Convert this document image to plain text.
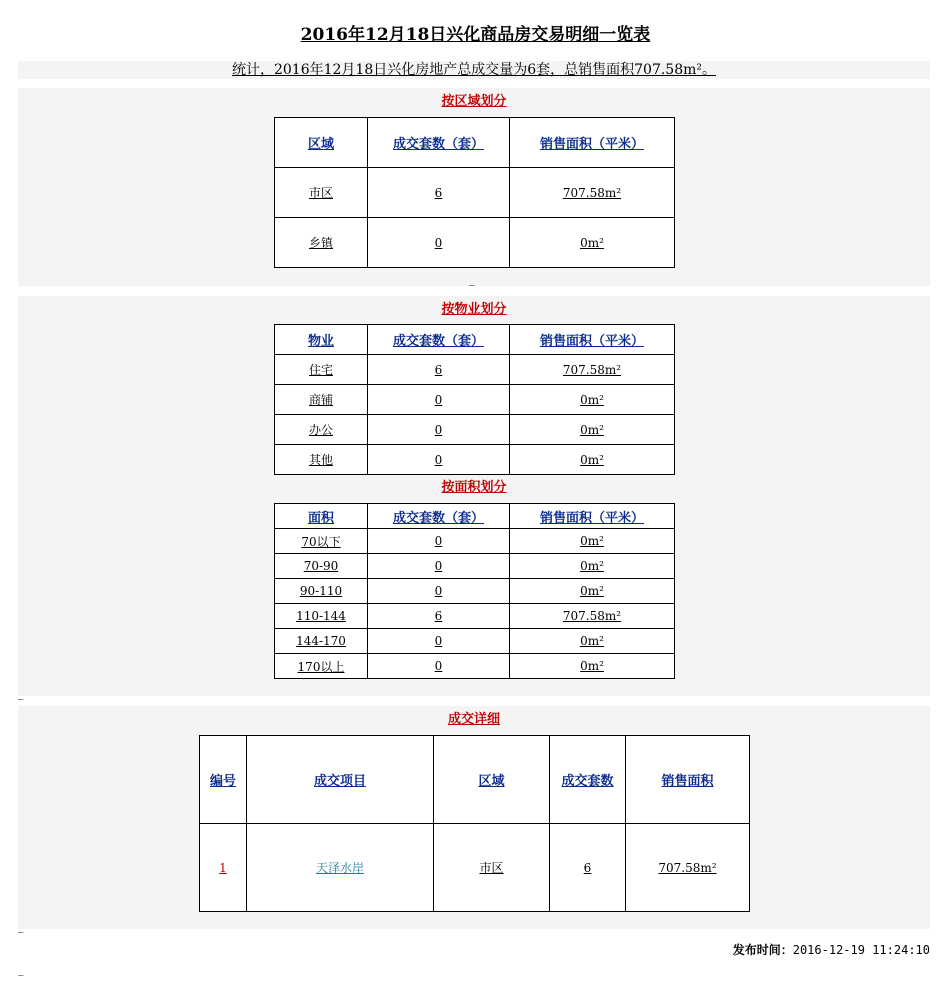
2016年12月18日兴化商品房交易明细一览表
统计，2016年12月18日兴化房地产总成交量为6套，总销售面积707.58m²。
按区域划分
区域	成交套数（套）	销售面积（平米）
市区	6	707.58m²
乡镇	0	0m²
_
按物业划分
物业	成交套数（套）	销售面积（平米）
住宅	6	707.58m²
商铺	0	0m²
办公	0	0m²
其他	0	0m²
按面积划分
面积	成交套数（套）	销售面积（平米）
70以下	0	0m²
70-90	0	0m²
90-110	0	0m²
110-144	6	707.58m²
144-170	0	0m²
170以上	0	0m²
_
成交详细
编号	成交项目	区域	成交套数	销售面积
1	天泽水岸	市区	6	707.58m²
_
发布时间：2016-12-19 11:24:10
_
